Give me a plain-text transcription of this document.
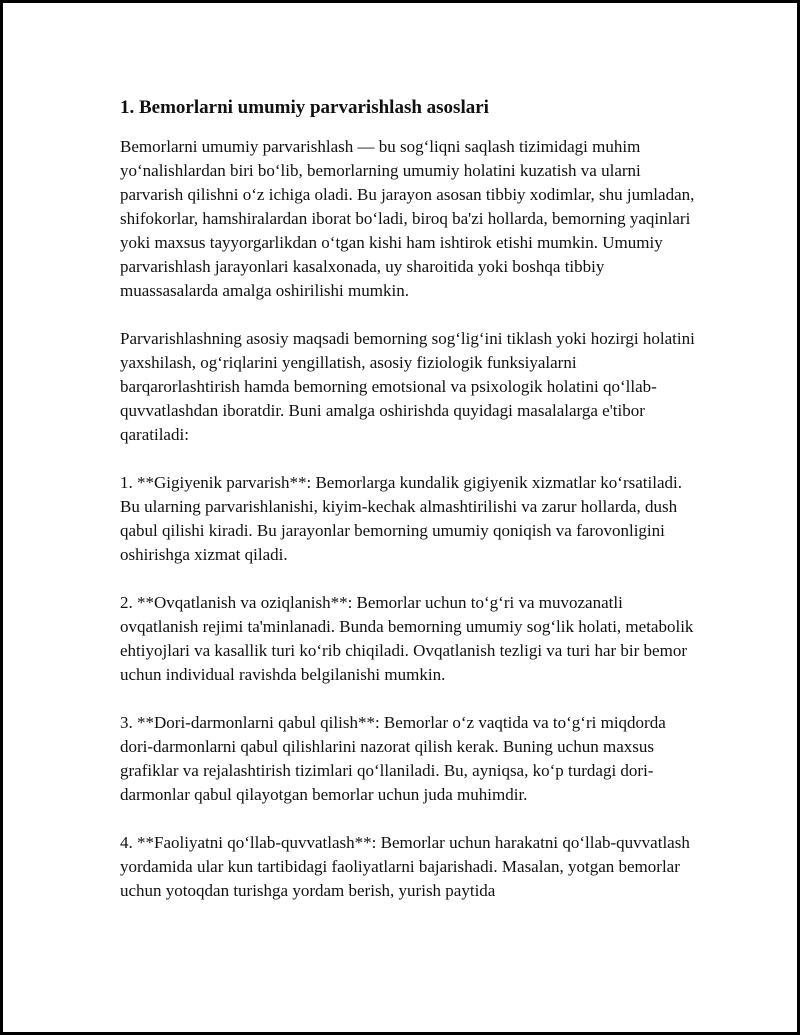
1. Bemorlarni umumiy parvarishlash asoslari

Bemorlarni umumiy parvarishlash — bu sog‘liqni saqlash tizimidagi muhim yo‘nalishlardan biri bo‘lib, bemorlarning umumiy holatini kuzatish va ularni parvarish qilishni o‘z ichiga oladi. Bu jarayon asosan tibbiy xodimlar, shu jumladan, shifokorlar, hamshiralardan iborat bo‘ladi, biroq ba'zi hollarda, bemorning yaqinlari yoki maxsus tayyorgarlikdan o‘tgan kishi ham ishtirok etishi mumkin. Umumiy parvarishlash jarayonlari kasalxonada, uy sharoitida yoki boshqa tibbiy muassasalarda amalga oshirilishi mumkin.

Parvarishlashning asosiy maqsadi bemorning sog‘lig‘ini tiklash yoki hozirgi holatini yaxshilash, og‘riqlarini yengillatish, asosiy fiziologik funksiyalarni barqarorlashtirish hamda bemorning emotsional va psixologik holatini qo‘llab-quvvatlashdan iboratdir. Buni amalga oshirishda quyidagi masalalarga e'tibor qaratiladi:

1. **Gigiyenik parvarish**: Bemorlarga kundalik gigiyenik xizmatlar ko‘rsatiladi. Bu ularning parvarishlanishi, kiyim-kechak almashtirilishi va zarur hollarda, dush qabul qilishi kiradi. Bu jarayonlar bemorning umumiy qoniqish va farovonligini oshirishga xizmat qiladi.

2. **Ovqatlanish va oziqlanish**: Bemorlar uchun to‘g‘ri va muvozanatli ovqatlanish rejimi ta'minlanadi. Bunda bemorning umumiy sog‘lik holati, metabolik ehtiyojlari va kasallik turi ko‘rib chiqiladi. Ovqatlanish tezligi va turi har bir bemor uchun individual ravishda belgilanishi mumkin.

3. **Dori-darmonlarni qabul qilish**: Bemorlar o‘z vaqtida va to‘g‘ri miqdorda dori-darmonlarni qabul qilishlarini nazorat qilish kerak. Buning uchun maxsus grafiklar va rejalashtirish tizimlari qo‘llaniladi. Bu, ayniqsa, ko‘p turdagi dori-darmonlar qabul qilayotgan bemorlar uchun juda muhimdir.

4. **Faoliyatni qo‘llab-quvvatlash**: Bemorlar uchun harakatni qo‘llab-quvvatlash yordamida ular kun tartibidagi faoliyatlarni bajarishadi. Masalan, yotgan bemorlar uchun yotoqdan turishga yordam berish, yurish paytida
